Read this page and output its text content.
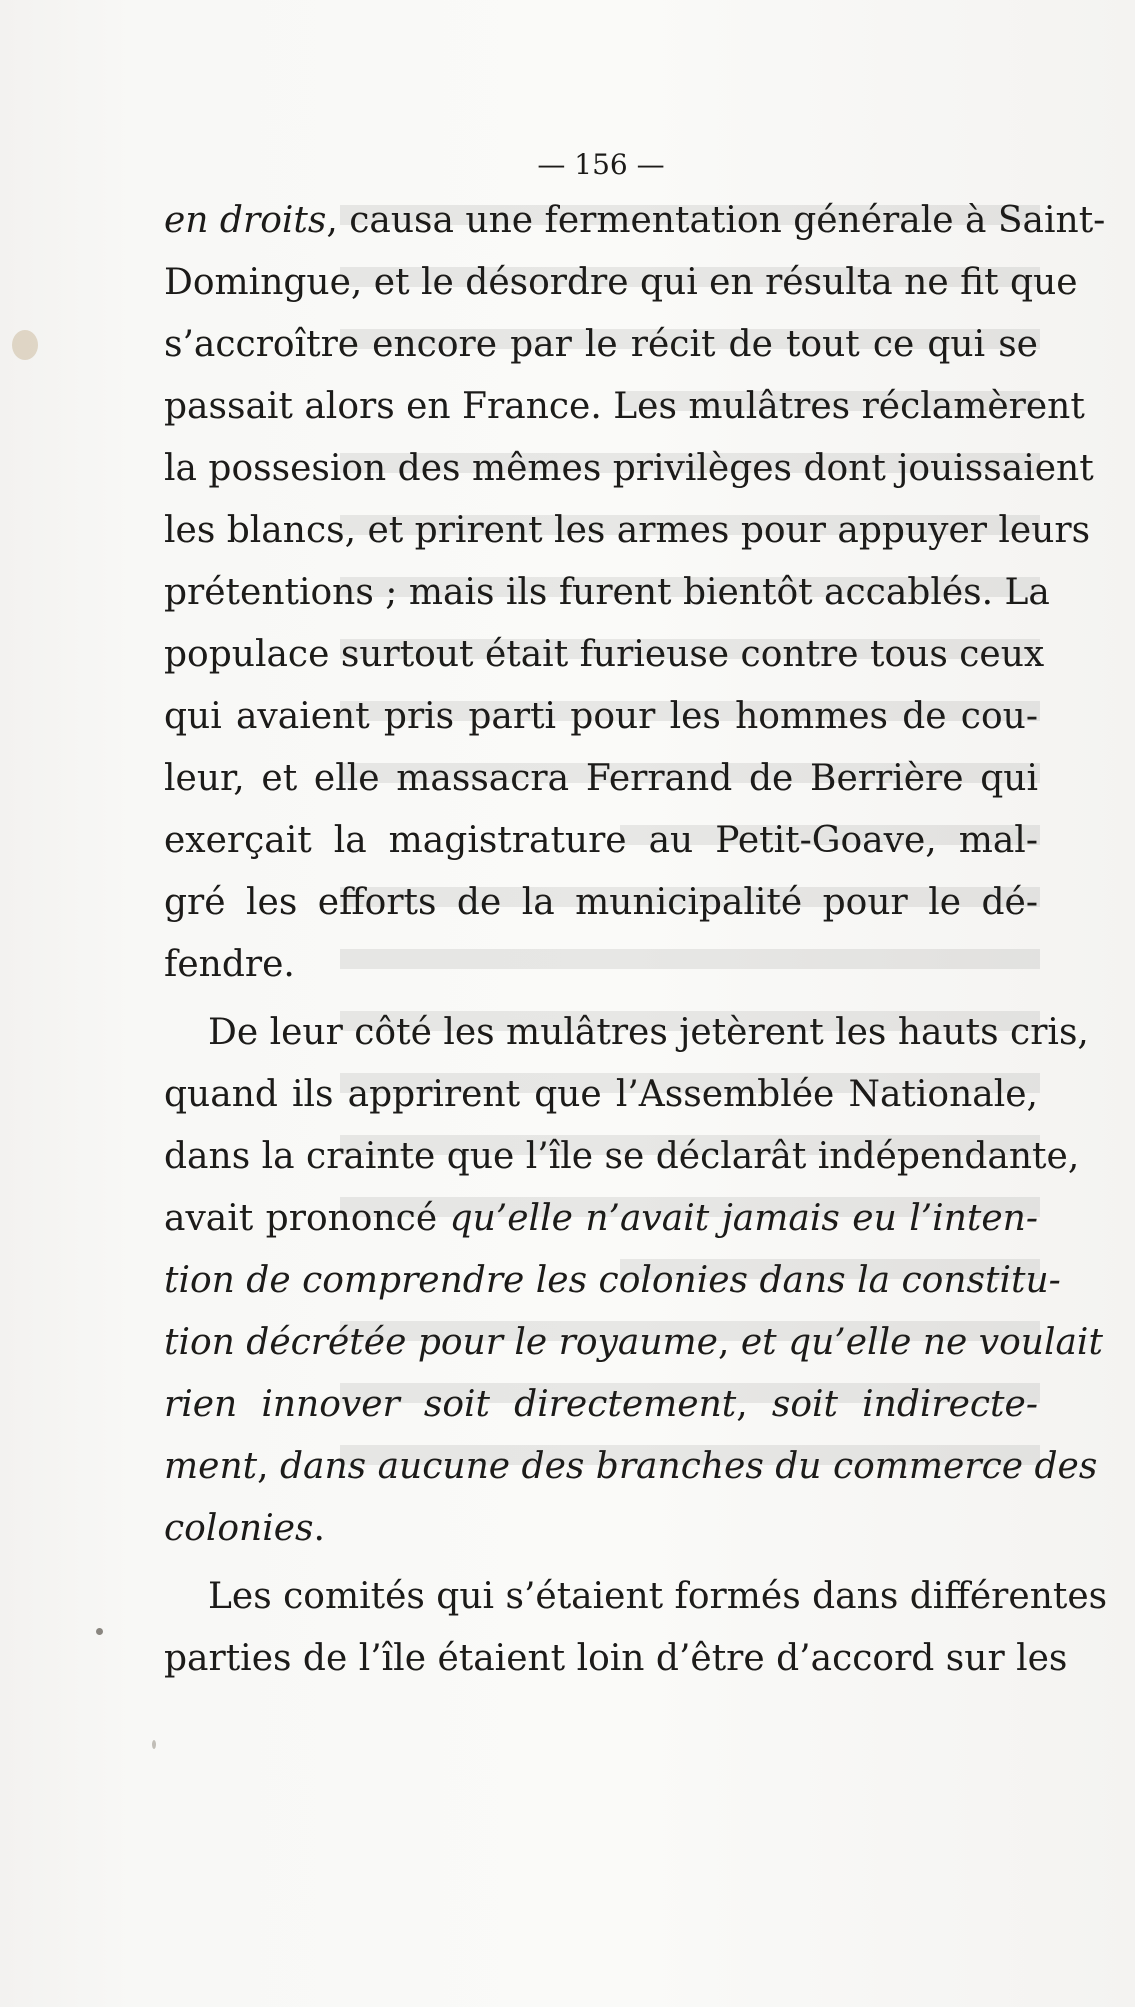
— 156 —
en droits, causa une fermentation générale à Saint-
Domingue, et le désordre qui en résulta ne fit que
s’accroître encore par le récit de tout ce qui se
passait alors en France. Les mulâtres réclamèrent
la possesion des mêmes privilèges dont jouissaient
les blancs, et prirent les armes pour appuyer leurs
prétentions ; mais ils furent bientôt accablés. La
populace surtout était furieuse contre tous ceux
qui avaient pris parti pour les hommes de cou-
leur, et elle massacra Ferrand de Berrière qui
exerçait la magistrature au Petit-Goave, mal-
gré les efforts de la municipalité pour le dé-
fendre.
De leur côté les mulâtres jetèrent les hauts cris,
quand ils apprirent que l’Assemblée Nationale,
dans la crainte que l’île se déclarât indépendante,
avait prononcé qu’elle n’avait jamais eu l’inten-
tion de comprendre les colonies dans la constitu-
tion décrétée pour le royaume, et qu’elle ne voulait
rien innover soit directement, soit indirecte-
ment, dans aucune des branches du commerce des
colonies.
Les comités qui s’étaient formés dans différentes
parties de l’île étaient loin d’être d’accord sur les
